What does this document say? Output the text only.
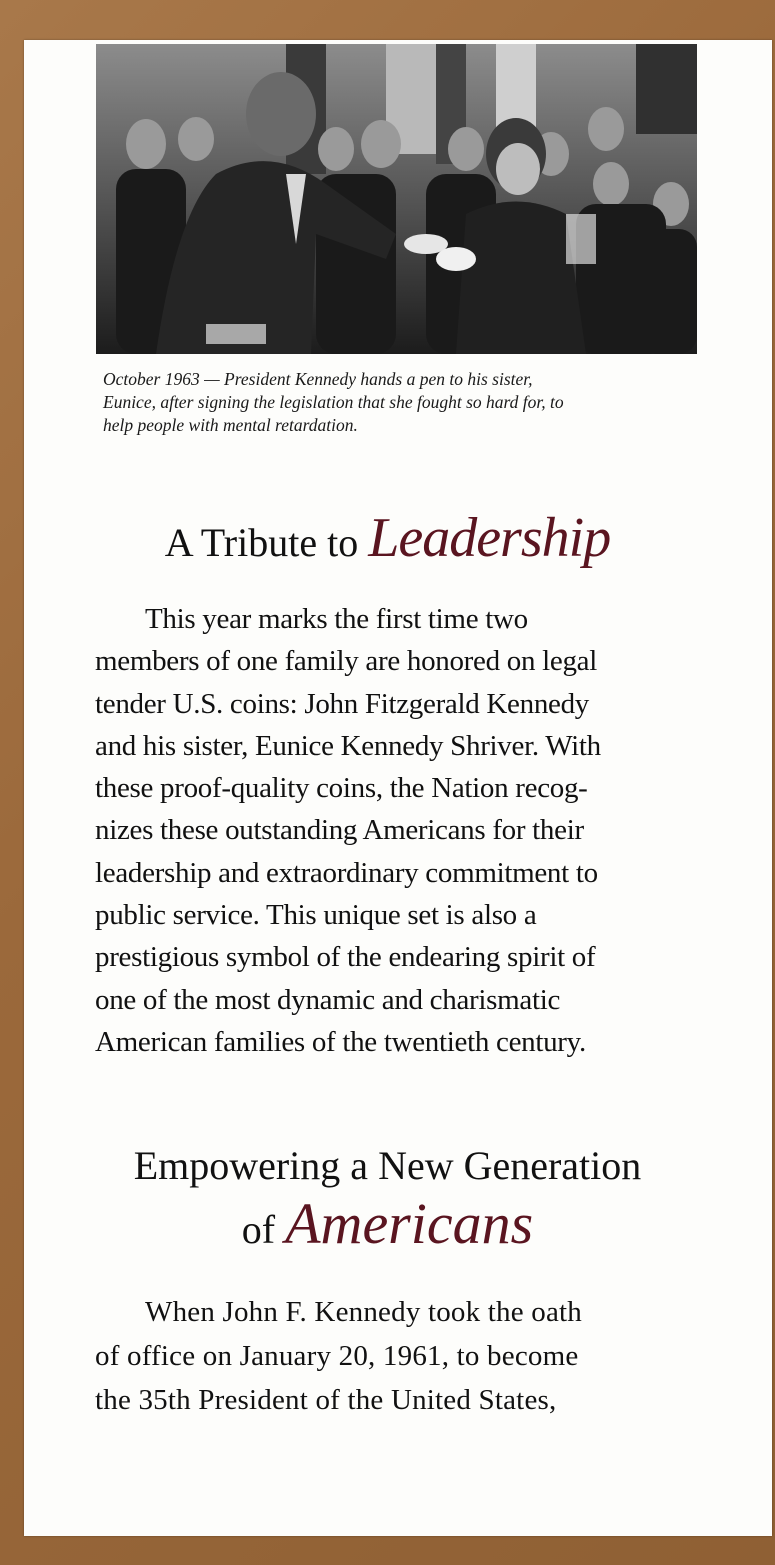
October 1963 — President Kennedy hands a pen to his sister,
Eunice, after signing the legislation that she fought so hard for, to
help people with mental retardation.

A Tribute to Leadership

This year marks the first time two
members of one family are honored on legal
tender U.S. coins: John Fitzgerald Kennedy
and his sister, Eunice Kennedy Shriver. With
these proof-quality coins, the Nation recog-
nizes these outstanding Americans for their
leadership and extraordinary commitment to
public service. This unique set is also a
prestigious symbol of the endearing spirit of
one of the most dynamic and charismatic
American families of the twentieth century.

Empowering a New Generation
of Americans

When John F. Kennedy took the oath
of office on January 20, 1961, to become
the 35th President of the United States,
